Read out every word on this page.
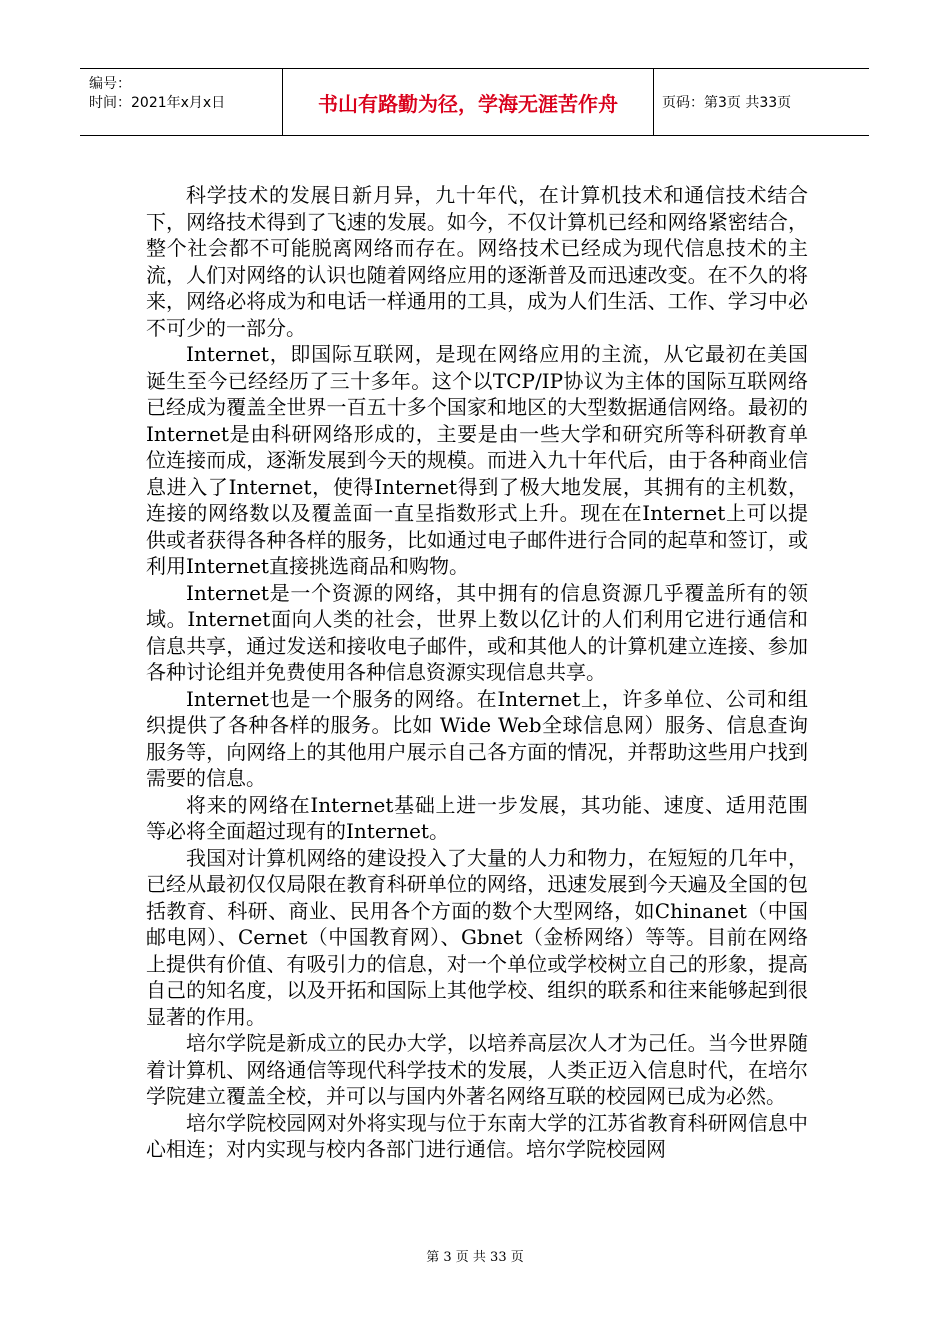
编号：
时间：2021年x月x日	书山有路勤为径，学海无涯苦作舟	页码：第3页 共33页

科学技术的发展日新月异，九十年代，在计算机技术和通信技术结合下，网络技术得到了飞速的发展。如今，不仅计算机已经和网络紧密结合，整个社会都不可能脱离网络而存在。网络技术已经成为现代信息技术的主流，人们对网络的认识也随着网络应用的逐渐普及而迅速改变。在不久的将来，网络必将成为和电话一样通用的工具，成为人们生活、工作、学习中必不可少的一部分。

Internet，即国际互联网，是现在网络应用的主流，从它最初在美国诞生至今已经经历了三十多年。这个以TCP/IP协议为主体的国际互联网络已经成为覆盖全世界一百五十多个国家和地区的大型数据通信网络。最初的Internet是由科研网络形成的，主要是由一些大学和研究所等科研教育单位连接而成，逐渐发展到今天的规模。而进入九十年代后，由于各种商业信息进入了Internet，使得Internet得到了极大地发展，其拥有的主机数，连接的网络数以及覆盖面一直呈指数形式上升。现在在Internet上可以提供或者获得各种各样的服务，比如通过电子邮件进行合同的起草和签订，或利用Internet直接挑选商品和购物。

Internet是一个资源的网络，其中拥有的信息资源几乎覆盖所有的领域。Internet面向人类的社会，世界上数以亿计的人们利用它进行通信和信息共享，通过发送和接收电子邮件，或和其他人的计算机建立连接、参加各种讨论组并免费使用各种信息资源实现信息共享。

Internet也是一个服务的网络。在Internet上，许多单位、公司和组织提供了各种各样的服务。比如 Wide Web全球信息网）服务、信息查询服务等，向网络上的其他用户展示自己各方面的情况，并帮助这些用户找到需要的信息。

将来的网络在Internet基础上进一步发展，其功能、速度、适用范围等必将全面超过现有的Internet。

我国对计算机网络的建设投入了大量的人力和物力，在短短的几年中，已经从最初仅仅局限在教育科研单位的网络，迅速发展到今天遍及全国的包括教育、科研、商业、民用各个方面的数个大型网络，如Chinanet（中国邮电网）、Cernet（中国教育网）、Gbnet（金桥网络）等等。目前在网络上提供有价值、有吸引力的信息，对一个单位或学校树立自己的形象，提高自己的知名度，以及开拓和国际上其他学校、组织的联系和往来能够起到很显著的作用。

培尔学院是新成立的民办大学，以培养高层次人才为己任。当今世界随着计算机、网络通信等现代科学技术的发展，人类正迈入信息时代，在培尔学院建立覆盖全校，并可以与国内外著名网络互联的校园网已成为必然。

培尔学院校园网对外将实现与位于东南大学的江苏省教育科研网信息中心相连；对内实现与校内各部门进行通信。培尔学院校园网

第 3 页 共 33 页
